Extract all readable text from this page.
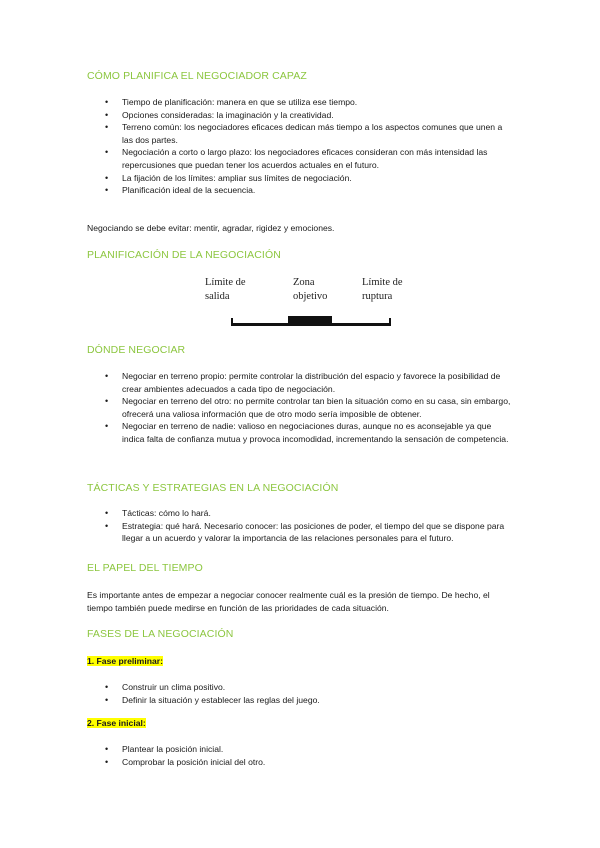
CÓMO PLANIFICA EL NEGOCIADOR CAPAZ
• Tiempo de planificación: manera en que se utiliza ese tiempo.
• Opciones consideradas: la imaginación y la creatividad.
• Terreno común: los negociadores eficaces dedican más tiempo a los aspectos comunes que unen a las dos partes.
• Negociación a corto o largo plazo: los negociadores eficaces consideran con más intensidad las repercusiones que puedan tener los acuerdos actuales en el futuro.
• La fijación de los límites: ampliar sus límites de negociación.
• Planificación ideal de la secuencia.

Negociando se debe evitar: mentir, agradar, rigidez y emociones.

PLANIFICACIÓN DE LA NEGOCIACIÓN
Límite de
salida
Zona
objetivo
Límite de
ruptura
DÓNDE NEGOCIAR
• Negociar en terreno propio: permite controlar la distribución del espacio y favorece la posibilidad de crear ambientes adecuados a cada tipo de negociación.
• Negociar en terreno del otro: no permite controlar tan bien la situación como en su casa, sin embargo, ofrecerá una valiosa información que de otro modo sería imposible de obtener.
• Negociar en terreno de nadie: valioso en negociaciones duras, aunque no es aconsejable ya que indica falta de confianza mutua y provoca incomodidad, incrementando la sensación de competencia.
TÁCTICAS Y ESTRATEGIAS EN LA NEGOCIACIÓN
• Tácticas: cómo lo hará.
• Estrategia: qué hará. Necesario conocer: las posiciones de poder, el tiempo del que se dispone para llegar a un acuerdo y valorar la importancia de las relaciones personales para el futuro.
EL PAPEL DEL TIEMPO

Es importante antes de empezar a negociar conocer realmente cuál es la presión de tiempo. De hecho, el tiempo también puede medirse en función de las prioridades de cada situación.

FASES DE LA NEGOCIACIÓN

1. Fase preliminar:

• Construir un clima positivo.
• Definir la situación y establecer las reglas del juego.

2. Fase inicial:

• Plantear la posición inicial.
• Comprobar la posición inicial del otro.
